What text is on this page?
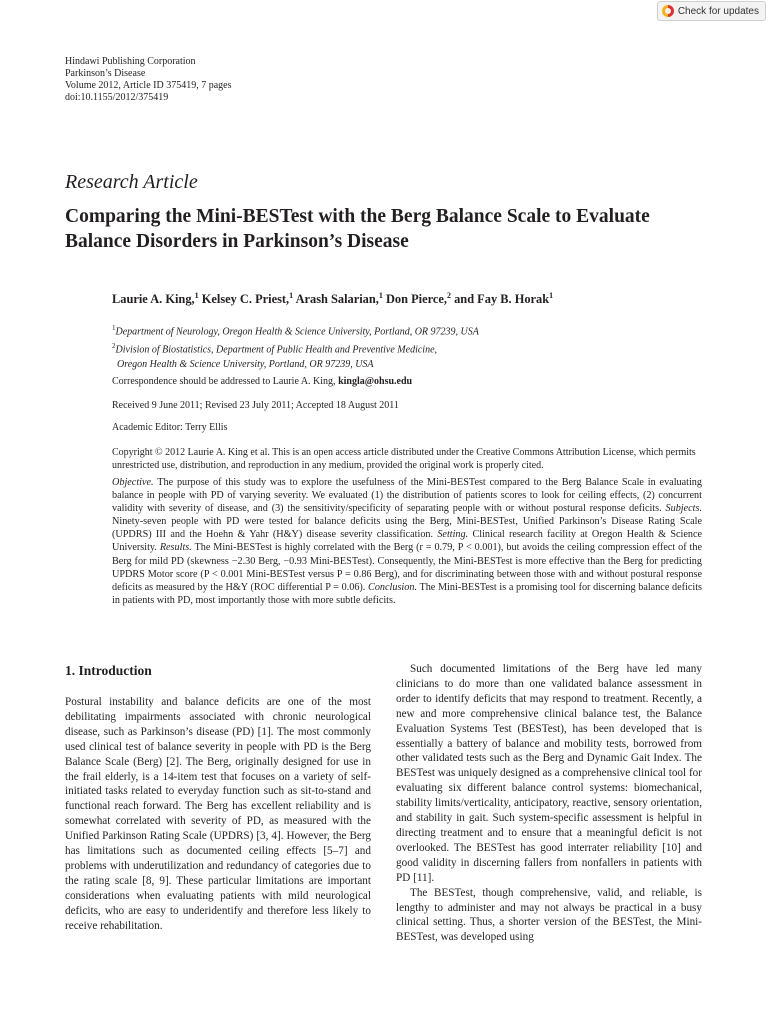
Check for updates
Hindawi Publishing Corporation
Parkinson’s Disease
Volume 2012, Article ID 375419, 7 pages
doi:10.1155/2012/375419
Research Article
Comparing the Mini-BESTest with the Berg Balance Scale to Evaluate Balance Disorders in Parkinson’s Disease
Laurie A. King,$^1$ Kelsey C. Priest,$^1$ Arash Salarian,$^1$ Don Pierce,$^2$ and Fay B. Horak$^1$
$^1$Department of Neurology, Oregon Health & Science University, Portland, OR 97239, USA
$^2$Division of Biostatistics, Department of Public Health and Preventive Medicine,
Oregon Health & Science University, Portland, OR 97239, USA
Correspondence should be addressed to Laurie A. King, kingla@ohsu.edu
Received 9 June 2011; Revised 23 July 2011; Accepted 18 August 2011
Academic Editor: Terry Ellis
Copyright © 2012 Laurie A. King et al. This is an open access article distributed under the Creative Commons Attribution License, which permits unrestricted use, distribution, and reproduction in any medium, provided the original work is properly cited.

Objective. The purpose of this study was to explore the usefulness of the Mini-BESTest compared to the Berg Balance Scale in evaluating balance in people with PD of varying severity. We evaluated (1) the distribution of patients scores to look for ceiling effects, (2) concurrent validity with severity of disease, and (3) the sensitivity/specificity of separating people with or without postural response deficits. Subjects. Ninety-seven people with PD were tested for balance deficits using the Berg, Mini-BESTest, Unified Parkinson’s Disease Rating Scale (UPDRS) III and the Hoehn & Yahr (H&Y) disease severity classification. Setting. Clinical research facility at Oregon Health & Science University. Results. The Mini-BESTest is highly correlated with the Berg (r = 0.79, P < 0.001), but avoids the ceiling compression effect of the Berg for mild PD (skewness −2.30 Berg, −0.93 Mini-BESTest). Consequently, the Mini-BESTest is more effective than the Berg for predicting UPDRS Motor score (P < 0.001 Mini-BESTest versus P = 0.86 Berg), and for discriminating between those with and without postural response deficits as measured by the H&Y (ROC differential P = 0.06). Conclusion. The Mini-BESTest is a promising tool for discerning balance deficits in patients with PD, most importantly those with more subtle deficits.

1. Introduction

Postural instability and balance deficits are one of the most debilitating impairments associated with chronic neurological disease, such as Parkinson’s disease (PD) [1]. The most commonly used clinical test of balance severity in people with PD is the Berg Balance Scale (Berg) [2]. The Berg, originally designed for use in the frail elderly, is a 14-item test that focuses on a variety of self-initiated tasks related to everyday function such as sit-to-stand and functional reach forward. The Berg has excellent reliability and is somewhat correlated with severity of PD, as measured with the Unified Parkinson Rating Scale (UPDRS) [3, 4]. However, the Berg has limitations such as documented ceiling effects [5–7] and problems with underutilization and redundancy of categories due to the rating scale [8, 9]. These particular limitations are important considerations when evaluating patients with mild neurological deficits, who are easy to underidentify and therefore less likely to receive rehabilitation.

Such documented limitations of the Berg have led many clinicians to do more than one validated balance assessment in order to identify deficits that may respond to treatment. Recently, a new and more comprehensive clinical balance test, the Balance Evaluation Systems Test (BESTest), has been developed that is essentially a battery of balance and mobility tests, borrowed from other validated tests such as the Berg and Dynamic Gait Index. The BESTest was uniquely designed as a comprehensive clinical tool for evaluating six different balance control systems: biomechanical, stability limits/verticality, anticipatory, reactive, sensory orientation, and stability in gait. Such system-specific assessment is helpful in directing treatment and to ensure that a meaningful deficit is not overlooked. The BESTest has good interrater reliability [10] and good validity in discerning fallers from nonfallers in patients with PD [11].

The BESTest, though comprehensive, valid, and reliable, is lengthy to administer and may not always be practical in a busy clinical setting. Thus, a shorter version of the BESTest, the Mini-BESTest, was developed using
